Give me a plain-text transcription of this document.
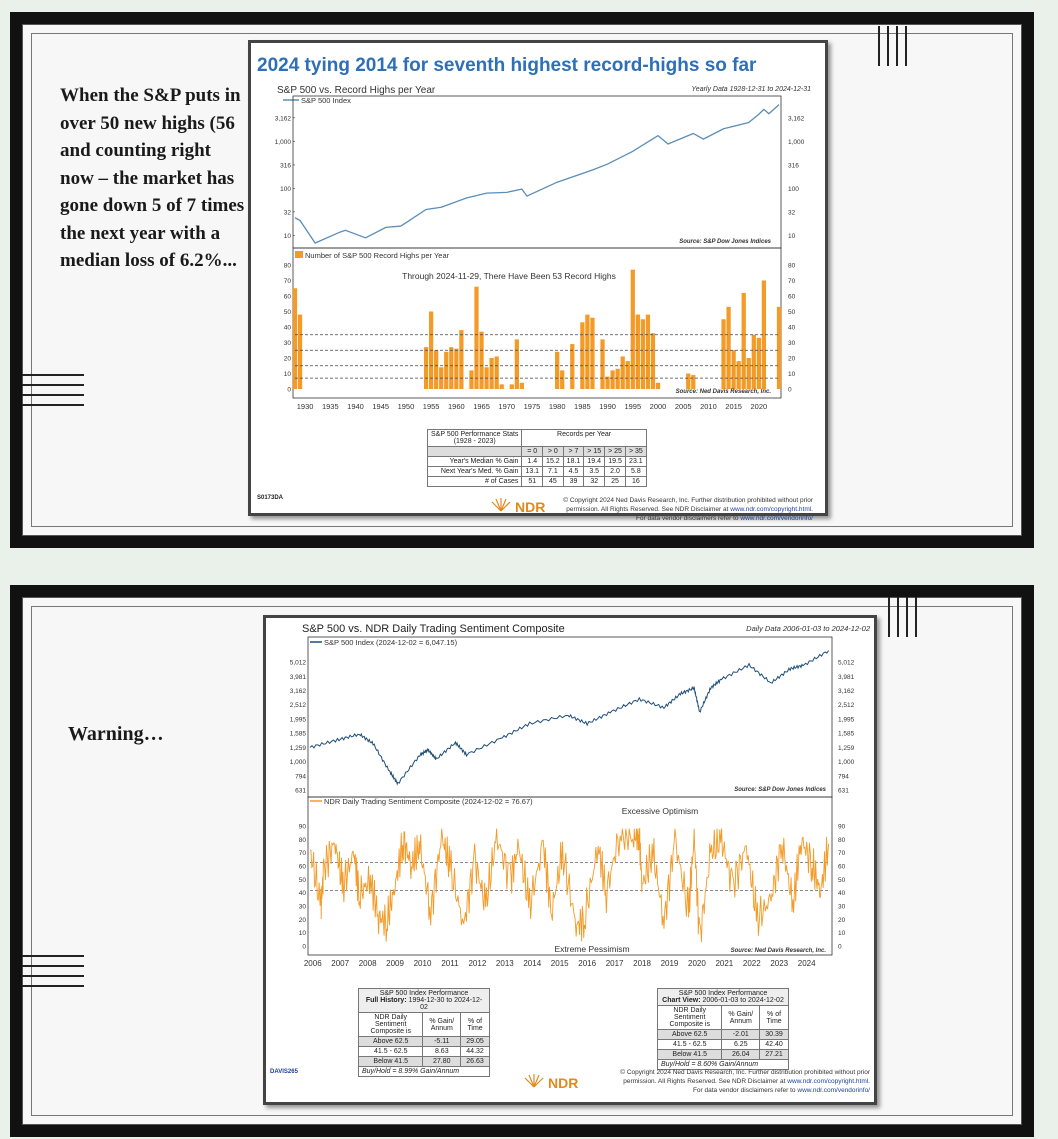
When the S&P puts in over 50 new highs (56 and counting right now – the market has gone down 5 of 7 times the next year with a median loss of 6.2%...
2024 tying 2014 for seventh highest record-highs so far
S&P 500 vs. Record Highs per Year	Yearly Data 1928-12-31 to 2024-12-31
S&P 500 Index
10	10
32	32
100	100
316	316
1,000	1,000
3,162	3,162
Source: S&P Dow Jones Indices
Number of S&P 500 Record Highs per Year
Through 2024-11-29, There Have Been 53 Record Highs
0	0
10	10
20	20
30	30
40	40
50	50
60	60
70	70
80	80
Source: Ned Davis Research, Inc.
1930 1935 1940 1945 1950 1955 1960 1965 1970 1975 1980 1985 1990 1995 2000 2005 2010 2015 2020
S&P 500 Performance Stats
(1928 - 2023)	Records per Year					

	= 0	> 0	> 7	> 15	> 25	> 35
Year's Median % Gain	1.4	15.2	18.1	19.4	19.5	23.1
Next Year's Med. % Gain	13.1	7.1	4.5	3.5	2.0	5.8
# of Cases	51	45	39	32	25	16
S0173DA
NDR	© Copyright 2024 Ned Davis Research, Inc. Further distribution prohibited without prior
permission. All Rights Reserved. See NDR Disclaimer at www.ndr.com/copyright.html.
For data vendor disclaimers refer to www.ndr.com/vendorinfo/
Warning…
S&P 500 vs. NDR Daily Trading Sentiment Composite	Daily Data 2006-01-03 to 2024-12-02
S&P 500 Index (2024-12-02 = 6,047.15)
631	631
794	794
1,000	1,000
1,259	1,259
1,585	1,585
1,995	1,995
2,512	2,512
3,162	3,162
3,981	3,981
5,012	5,012
Source: S&P Dow Jones Indices
NDR Daily Trading Sentiment Composite (2024-12-02 = 76.67)
Excessive Optimism
0	0
10	10
20	20
30	30
40	40
50	50
60	60
70	70
80	80
90	90
Extreme Pessimism	Source: Ned Davis Research, Inc.
2006 2007 2008 2009 2010 2011 2012 2013 2014 2015 2016 2017 2018 2019 2020 2021 2022 2023 2024
S&P 500 Index Performance
Full History: 1994-12-30 to 2024-12-02		

NDR Daily Sentiment Composite is	% Gain/ Annum	% of Time
Above 62.5	-5.11	29.05
41.5 - 62.5	8.63	44.32
Below 41.5	27.80	26.63
Buy/Hold = 8.99% Gain/Annum		
S&P 500 Index Performance
Chart View: 2006-01-03 to 2024-12-02		

NDR Daily Sentiment Composite is	% Gain/ Annum	% of Time
Above 62.5	-2.01	30.39
41.5 - 62.5	6.25	42.40
Below 41.5	26.04	27.21
Buy/Hold = 8.60% Gain/Annum		
DAVIS265
NDR
© Copyright 2024 Ned Davis Research, Inc. Further distribution prohibited without prior
permission. All Rights Reserved. See NDR Disclaimer at www.ndr.com/copyright.html.
For data vendor disclaimers refer to www.ndr.com/vendorinfo/
